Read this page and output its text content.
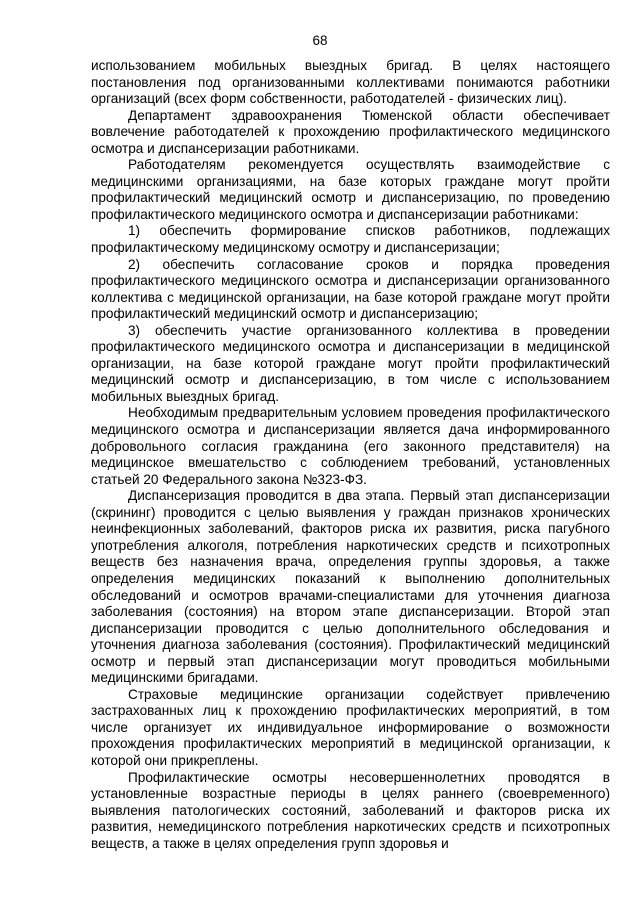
68

использованием мобильных выездных бригад. В целях настоящего постановления под организованными коллективами понимаются работники организаций (всех форм собственности, работодателей - физических лиц).

Департамент здравоохранения Тюменской области обеспечивает вовлечение работодателей к прохождению профилактического медицинского осмотра и диспансеризации работниками.

Работодателям рекомендуется осуществлять взаимодействие с медицинскими организациями, на базе которых граждане могут пройти профилактический медицинский осмотр и диспансеризацию, по проведению профилактического медицинского осмотра и диспансеризации работниками:

1) обеспечить формирование списков работников, подлежащих профилактическому медицинскому осмотру и диспансеризации;

2) обеспечить согласование сроков и порядка проведения профилактического медицинского осмотра и диспансеризации организованного коллектива с медицинской организации, на базе которой граждане могут пройти профилактический медицинский осмотр и диспансеризацию;

3) обеспечить участие организованного коллектива в проведении профилактического медицинского осмотра и диспансеризации в медицинской организации, на базе которой граждане могут пройти профилактический медицинский осмотр и диспансеризацию, в том числе с использованием мобильных выездных бригад.

Необходимым предварительным условием проведения профилактического медицинского осмотра и диспансеризации является дача информированного добровольного согласия гражданина (его законного представителя) на медицинское вмешательство с соблюдением требований, установленных статьей 20 Федерального закона №323-ФЗ.

Диспансеризация проводится в два этапа. Первый этап диспансеризации (скрининг) проводится с целью выявления у граждан признаков хронических неинфекционных заболеваний, факторов риска их развития, риска пагубного употребления алкоголя, потребления наркотических средств и психотропных веществ без назначения врача, определения группы здоровья, а также определения медицинских показаний к выполнению дополнительных обследований и осмотров врачами-специалистами для уточнения диагноза заболевания (состояния) на втором этапе диспансеризации. Второй этап диспансеризации проводится с целью дополнительного обследования и уточнения диагноза заболевания (состояния). Профилактический медицинский осмотр и первый этап диспансеризации могут проводиться мобильными медицинскими бригадами.

Страховые медицинские организации содействует привлечению застрахованных лиц к прохождению профилактических мероприятий, в том числе организует их индивидуальное информирование о возможности прохождения профилактических мероприятий в медицинской организации, к которой они прикреплены.

Профилактические осмотры несовершеннолетних проводятся в установленные возрастные периоды в целях раннего (своевременного) выявления патологических состояний, заболеваний и факторов риска их развития, немедицинского потребления наркотических средств и психотропных веществ, а также в целях определения групп здоровья и
